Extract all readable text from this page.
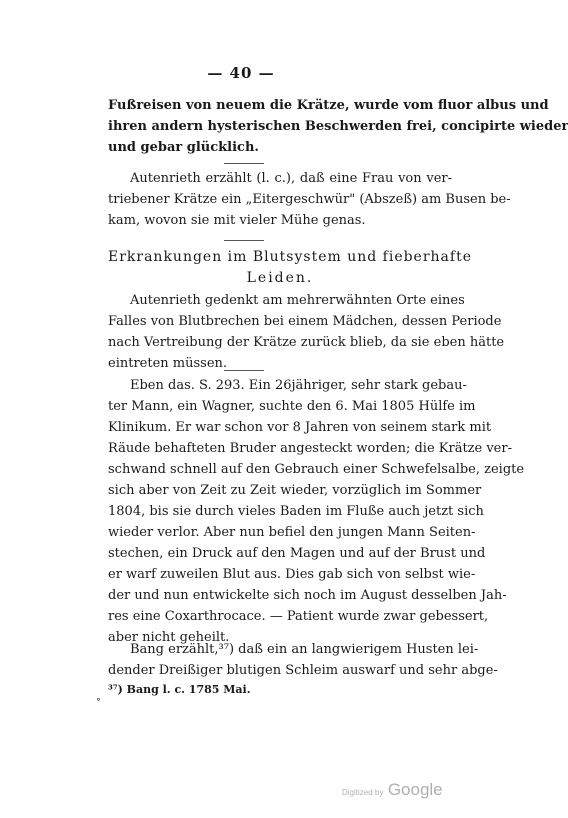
— 40 —
Fußreisen von neuem die Krätze, wurde vom fluor albus und
ihren andern hysterischen Beschwerden frei, concipirte wieder
und gebar glücklich.
Autenrieth erzählt (l. c.), daß eine Frau von ver-
triebener Krätze ein „Eitergeschwür" (Abszeß) am Busen be-
kam, wovon sie mit vieler Mühe genas.
Erkrankungen im Blutsystem und fieberhafte
Leiden.
Autenrieth gedenkt am mehrerwähnten Orte eines
Falles von Blutbrechen bei einem Mädchen, dessen Periode
nach Vertreibung der Krätze zurück blieb, da sie eben hätte
eintreten müssen.
Eben das. S. 293. Ein 26jähriger, sehr stark gebau-
ter Mann, ein Wagner, suchte den 6. Mai 1805 Hülfe im
Klinikum. Er war schon vor 8 Jahren von seinem stark mit
Räude behafteten Bruder angesteckt worden; die Krätze ver-
schwand schnell auf den Gebrauch einer Schwefelsalbe, zeigte
sich aber von Zeit zu Zeit wieder, vorzüglich im Sommer
1804, bis sie durch vieles Baden im Fluße auch jetzt sich
wieder verlor. Aber nun befiel den jungen Mann Seiten-
stechen, ein Druck auf den Magen und auf der Brust und
er warf zuweilen Blut aus. Dies gab sich von selbst wie-
der und nun entwickelte sich noch im August desselben Jah-
res eine Coxarthrocace. — Patient wurde zwar gebessert,
aber nicht geheilt.
Bang erzählt,³⁷) daß ein an langwierigem Husten lei-
dender Dreißiger blutigen Schleim auswarf und sehr abge-
˳ ³⁷) Bang l. c. 1785 Mai.
Digitized by Google
